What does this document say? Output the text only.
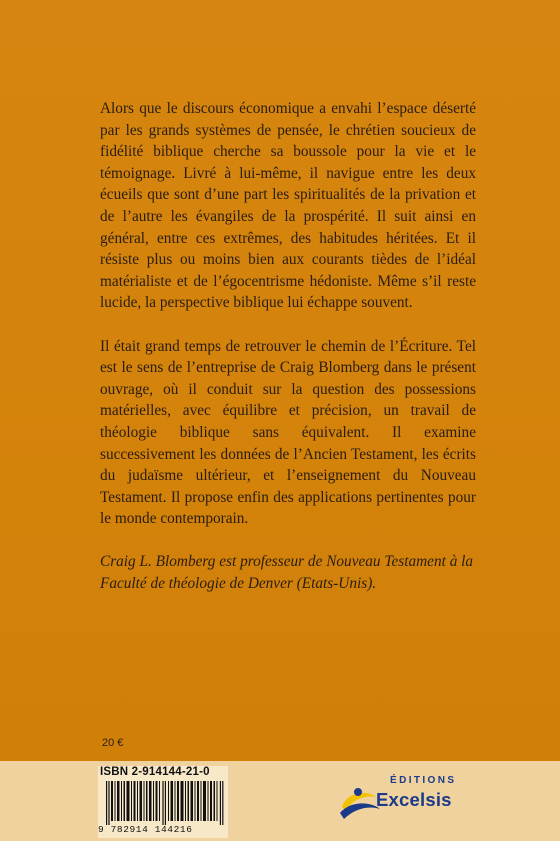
Alors que le discours économique a envahi l’espace déserté par les grands systèmes de pensée, le chrétien soucieux de fidélité biblique cherche sa boussole pour la vie et le témoignage. Livré à lui-même, il navigue entre les deux écueils que sont d’une part les spiritualités de la privation et de l’autre les évangiles de la prospérité. Il suit ainsi en général, entre ces extrêmes, des habitudes héritées. Et il résiste plus ou moins bien aux courants tièdes de l’idéal matérialiste et de l’égocentrisme hédoniste. Même s’il reste lucide, la perspective biblique lui échappe souvent.

Il était grand temps de retrouver le chemin de l’Écriture. Tel est le sens de l’entreprise de Craig Blomberg dans le présent ouvrage, où il conduit sur la question des possessions matérielles, avec équilibre et précision, un travail de théologie biblique sans équivalent. Il examine successivement les données de l’Ancien Testament, les écrits du judaïsme ultérieur, et l’enseignement du Nouveau Testament. Il propose enfin des applications pertinentes pour le monde contemporain.

Craig L. Blomberg est professeur de Nouveau Testament à la Faculté de théologie de Denver (Etats-Unis).

20 €
ISBN 2-914144-21-0
9 782914 144216
ÉDITIONS
Excelsis
